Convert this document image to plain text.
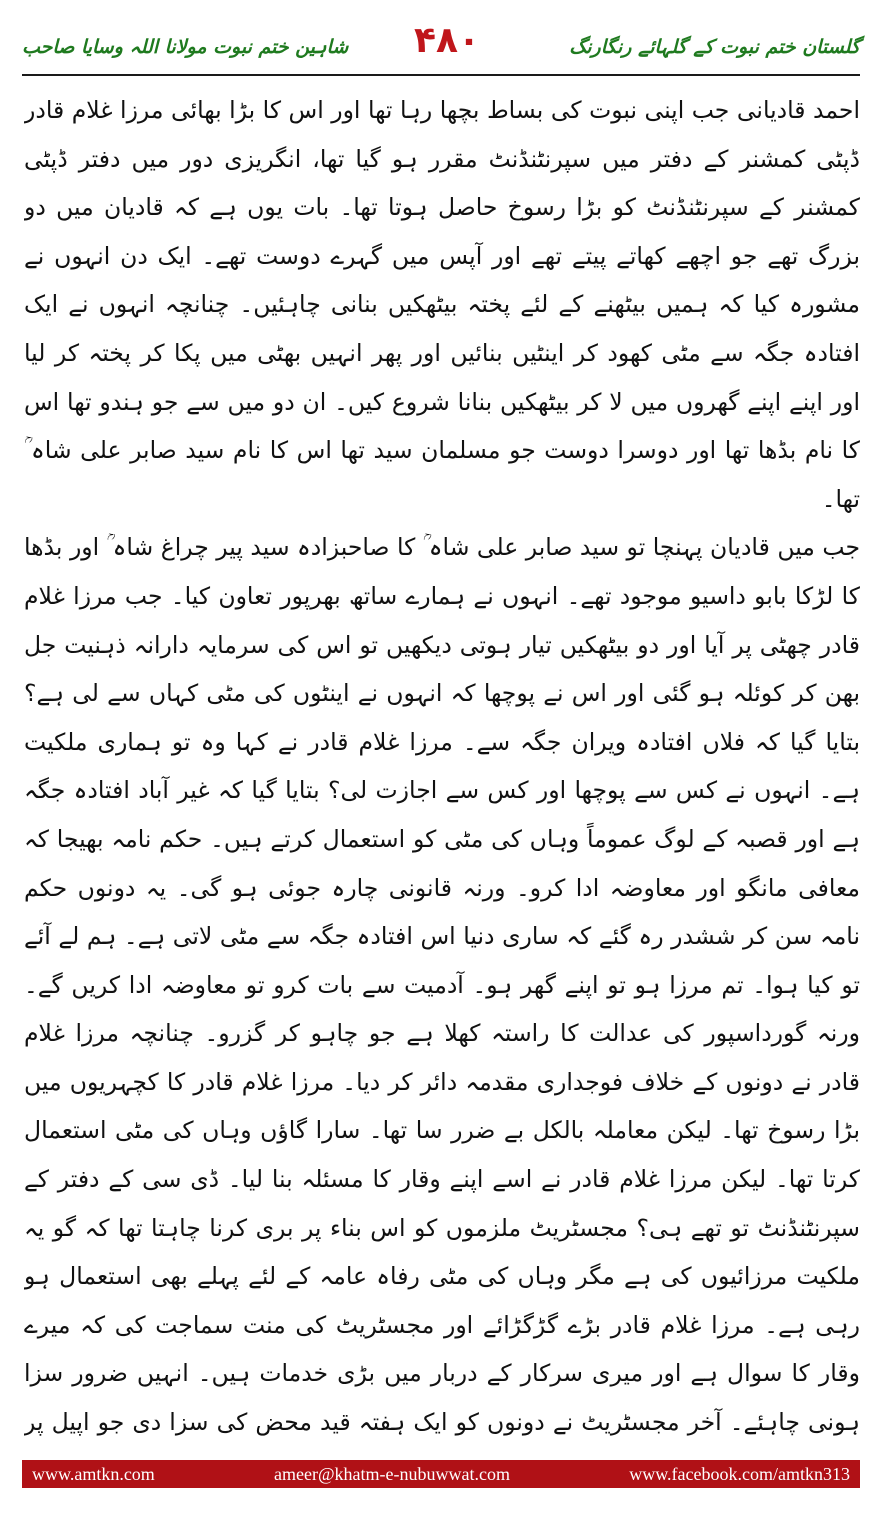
شاہین ختم نبوت مولانا اللہ وسایا صاحب	۴۸۰	گلستان ختم نبوت کے گلہائے رنگارنگ

احمد قادیانی جب اپنی نبوت کی بساط بچھا رہا تھا اور اس کا بڑا بھائی مرزا غلام قادر ڈپٹی کمشنر کے دفتر میں سپرنٹنڈنٹ مقرر ہو گیا تھا، انگریزی دور میں دفتر ڈپٹی کمشنر کے سپرنٹنڈنٹ کو بڑا رسوخ حاصل ہوتا تھا۔ بات یوں ہے کہ قادیان میں دو بزرگ تھے جو اچھے کھاتے پیتے تھے اور آپس میں گہرے دوست تھے۔ ایک دن انہوں نے مشورہ کیا کہ ہمیں بیٹھنے کے لئے پختہ بیٹھکیں بنانی چاہئیں۔ چنانچہ انہوں نے ایک افتادہ جگہ سے مٹی کھود کر اینٹیں بنائیں اور پھر انہیں بھٹی میں پکا کر پختہ کر لیا اور اپنے اپنے گھروں میں لا کر بیٹھکیں بنانا شروع کیں۔ ان دو میں سے جو ہندو تھا اس کا نام بڈھا تھا اور دوسرا دوست جو مسلمان سید تھا اس کا نام سید صابر علی شاہ ؒ تھا۔

جب میں قادیان پہنچا تو سید صابر علی شاہ ؒ کا صاحبزادہ سید پیر چراغ شاہ ؒ اور بڈھا کا لڑکا بابو داسیو موجود تھے۔ انہوں نے ہمارے ساتھ بھرپور تعاون کیا۔ جب مرزا غلام قادر چھٹی پر آیا اور دو بیٹھکیں تیار ہوتی دیکھیں تو اس کی سرمایہ دارانہ ذہنیت جل بھن کر کوئلہ ہو گئی اور اس نے پوچھا کہ انہوں نے اینٹوں کی مٹی کہاں سے لی ہے؟ بتایا گیا کہ فلاں افتادہ ویران جگہ سے۔ مرزا غلام قادر نے کہا وہ تو ہماری ملکیت ہے۔ انہوں نے کس سے پوچھا اور کس سے اجازت لی؟ بتایا گیا کہ غیر آباد افتادہ جگہ ہے اور قصبہ کے لوگ عموماً وہاں کی مٹی کو استعمال کرتے ہیں۔ حکم نامہ بھیجا کہ معافی مانگو اور معاوضہ ادا کرو۔ ورنہ قانونی چارہ جوئی ہو گی۔ یہ دونوں حکم نامہ سن کر ششدر رہ گئے کہ ساری دنیا اس افتادہ جگہ سے مٹی لاتی ہے۔ ہم لے آئے تو کیا ہوا۔ تم مرزا ہو تو اپنے گھر ہو۔ آدمیت سے بات کرو تو معاوضہ ادا کریں گے۔ ورنہ گورداسپور کی عدالت کا راستہ کھلا ہے جو چاہو کر گزرو۔ چنانچہ مرزا غلام قادر نے دونوں کے خلاف فوجداری مقدمہ دائر کر دیا۔ مرزا غلام قادر کا کچہریوں میں بڑا رسوخ تھا۔ لیکن معاملہ بالکل بے ضرر سا تھا۔ سارا گاؤں وہاں کی مٹی استعمال کرتا تھا۔ لیکن مرزا غلام قادر نے اسے اپنے وقار کا مسئلہ بنا لیا۔ ڈی سی کے دفتر کے سپرنٹنڈنٹ تو تھے ہی؟ مجسٹریٹ ملزموں کو اس بناء پر بری کرنا چاہتا تھا کہ گو یہ ملکیت مرزائیوں کی ہے مگر وہاں کی مٹی رفاہ عامہ کے لئے پہلے بھی استعمال ہو رہی ہے۔ مرزا غلام قادر بڑے گڑگڑائے اور مجسٹریٹ کی منت سماجت کی کہ میرے وقار کا سوال ہے اور میری سرکار کے دربار میں بڑی خدمات ہیں۔ انہیں ضرور سزا ہونی چاہئے۔ آخر مجسٹریٹ نے دونوں کو ایک ہفتہ قید محض کی سزا دی جو اپیل پر

www.amtkn.com	ameer@khatm-e-nubuwwat.com	www.facebook.com/amtkn313
